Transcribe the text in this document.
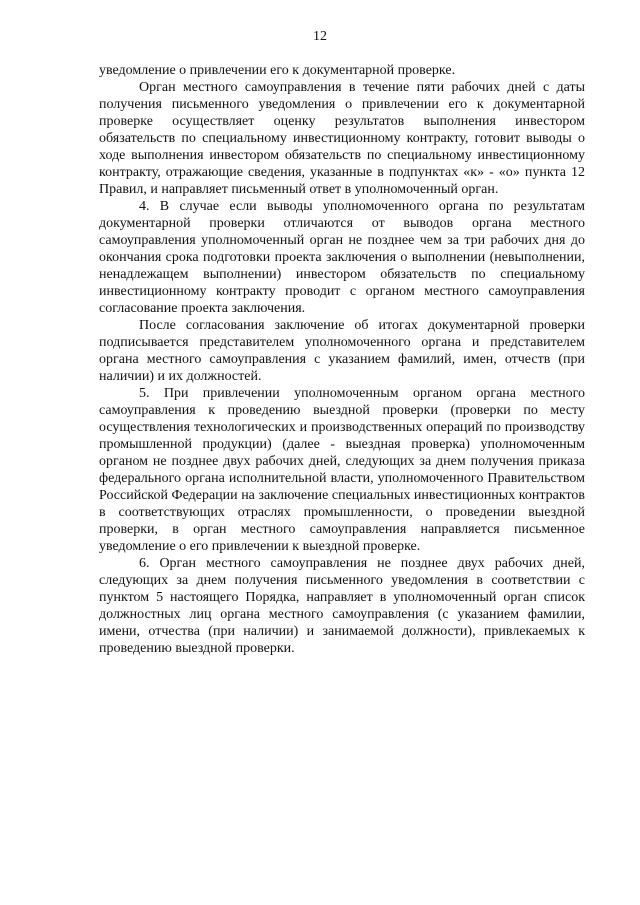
12

уведомление о привлечении его к документарной проверке.

Орган местного самоуправления в течение пяти рабочих дней с даты получения письменного уведомления о привлечении его к документарной проверке осуществляет оценку результатов выполнения инвестором обязательств по специальному инвестиционному контракту, готовит выводы о ходе выполнения инвестором обязательств по специальному инвестиционному контракту, отражающие сведения, указанные в подпунктах «к» - «о» пункта 12 Правил, и направляет письменный ответ в уполномоченный орган.

4. В случае если выводы уполномоченного органа по результатам документарной проверки отличаются от выводов органа местного самоуправления уполномоченный орган не позднее чем за три рабочих дня до окончания срока подготовки проекта заключения о выполнении (невыполнении, ненадлежащем выполнении) инвестором обязательств по специальному инвестиционному контракту проводит с органом местного самоуправления согласование проекта заключения.

После согласования заключение об итогах документарной проверки подписывается представителем уполномоченного органа и представителем органа местного самоуправления с указанием фамилий, имен, отчеств (при наличии) и их должностей.

5. При привлечении уполномоченным органом органа местного самоуправления к проведению выездной проверки (проверки по месту осуществления технологических и производственных операций по производству промышленной продукции) (далее - выездная проверка) уполномоченным органом не позднее двух рабочих дней, следующих за днем получения приказа федерального органа исполнительной власти, уполномоченного Правительством Российской Федерации на заключение специальных инвестиционных контрактов в соответствующих отраслях промышленности, о проведении выездной проверки, в орган местного самоуправления направляется письменное уведомление о его привлечении к выездной проверке.

6. Орган местного самоуправления не позднее двух рабочих дней, следующих за днем получения письменного уведомления в соответствии с пунктом 5 настоящего Порядка, направляет в уполномоченный орган список должностных лиц органа местного самоуправления (с указанием фамилии, имени, отчества (при наличии) и занимаемой должности), привлекаемых к проведению выездной проверки.
